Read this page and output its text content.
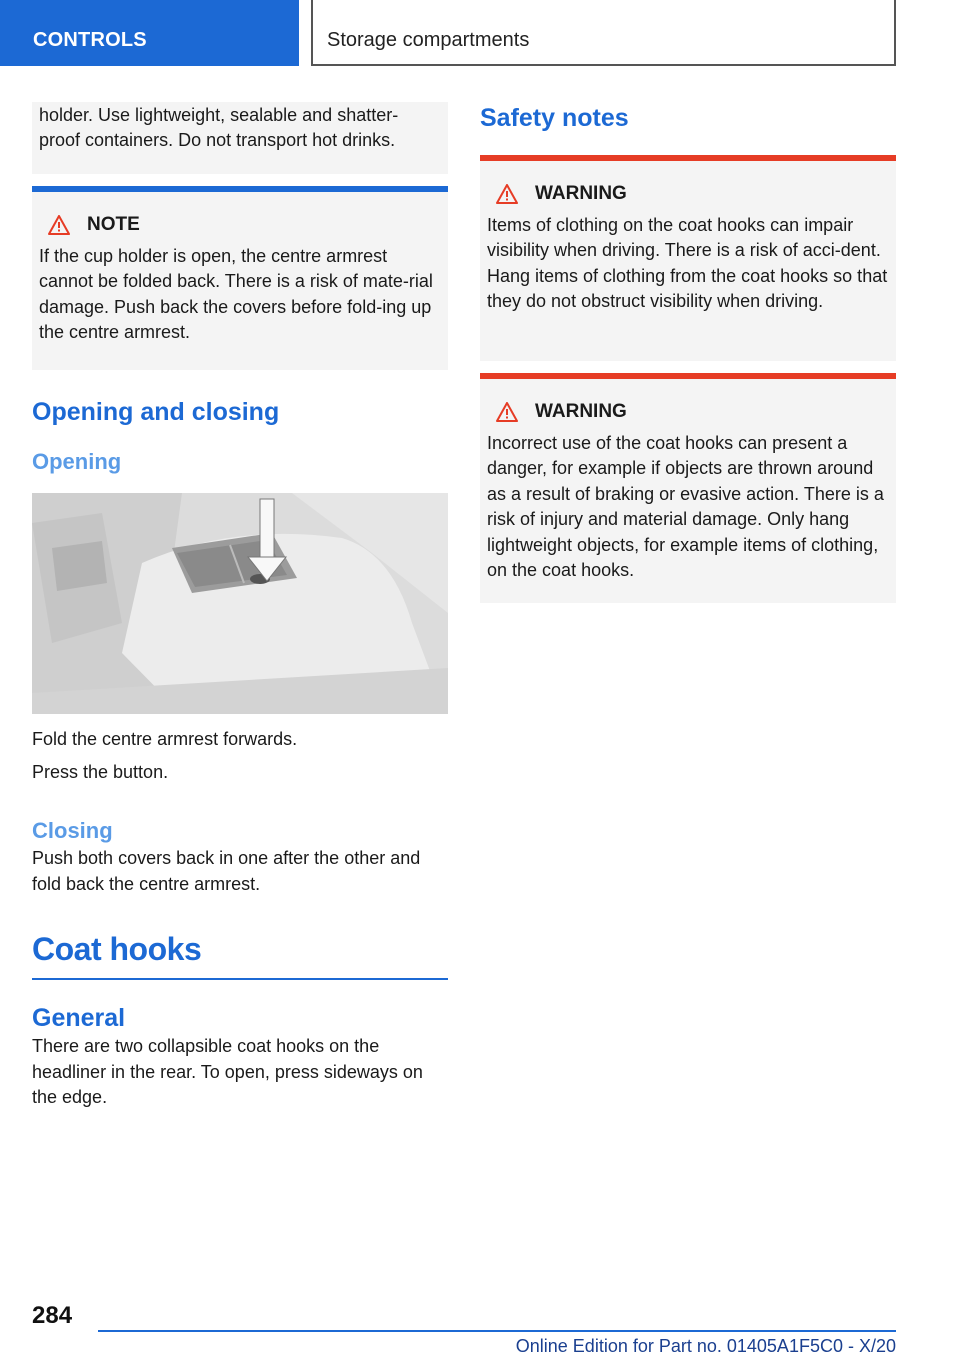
CONTROLS	Storage compartments

holder. Use lightweight, sealable and shatter-proof containers. Do not transport hot drinks.

NOTE

If the cup holder is open, the centre armrest cannot be folded back. There is a risk of mate-rial damage. Push back the covers before fold-ing up the centre armrest.

Opening and closing
Opening

Fold the centre armrest forwards.

Press the button.

Closing

Push both covers back in one after the other and fold back the centre armrest.

Coat hooks
General

There are two collapsible coat hooks on the headliner in the rear. To open, press sideways on the edge.

Safety notes
WARNING

Items of clothing on the coat hooks can impair visibility when driving. There is a risk of acci-dent. Hang items of clothing from the coat hooks so that they do not obstruct visibility when driving.

WARNING

Incorrect use of the coat hooks can present a danger, for example if objects are thrown around as a result of braking or evasive action. There is a risk of injury and material damage. Only hang lightweight objects, for example items of clothing, on the coat hooks.

284
Online Edition for Part no. 01405A1F5C0 - X/20
